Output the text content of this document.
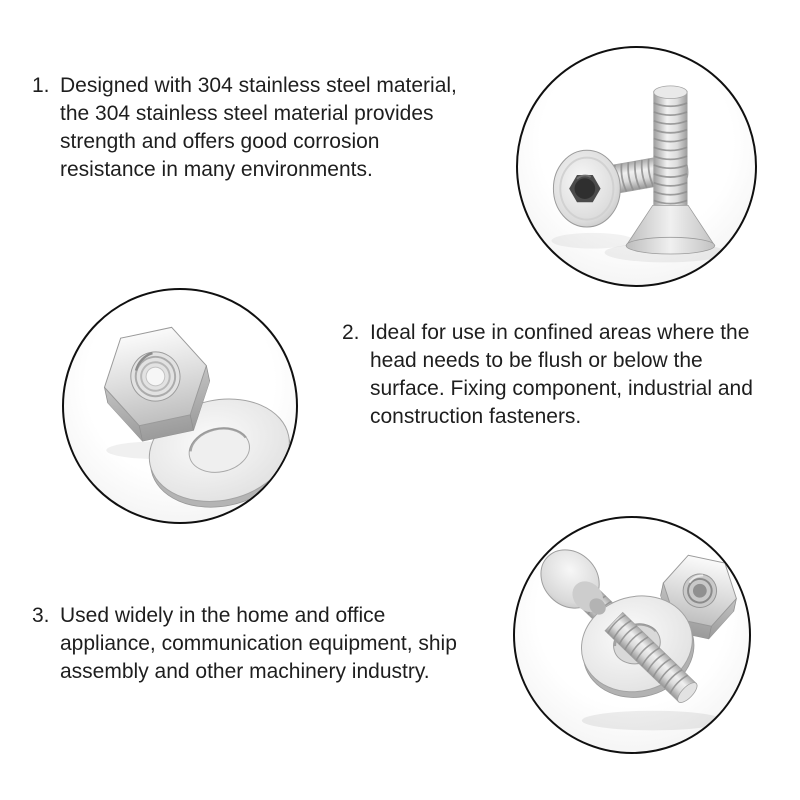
1. Designed with 304 stainless steel material,
the 304 stainless steel material provides
strength and offers good corrosion
resistance in many environments.
2. Ideal for use in confined areas where the
head needs to be flush or below the
surface. Fixing component, industrial and
construction fasteners.
3. Used widely in the home and office
appliance, communication equipment, ship
assembly and other machinery industry.
